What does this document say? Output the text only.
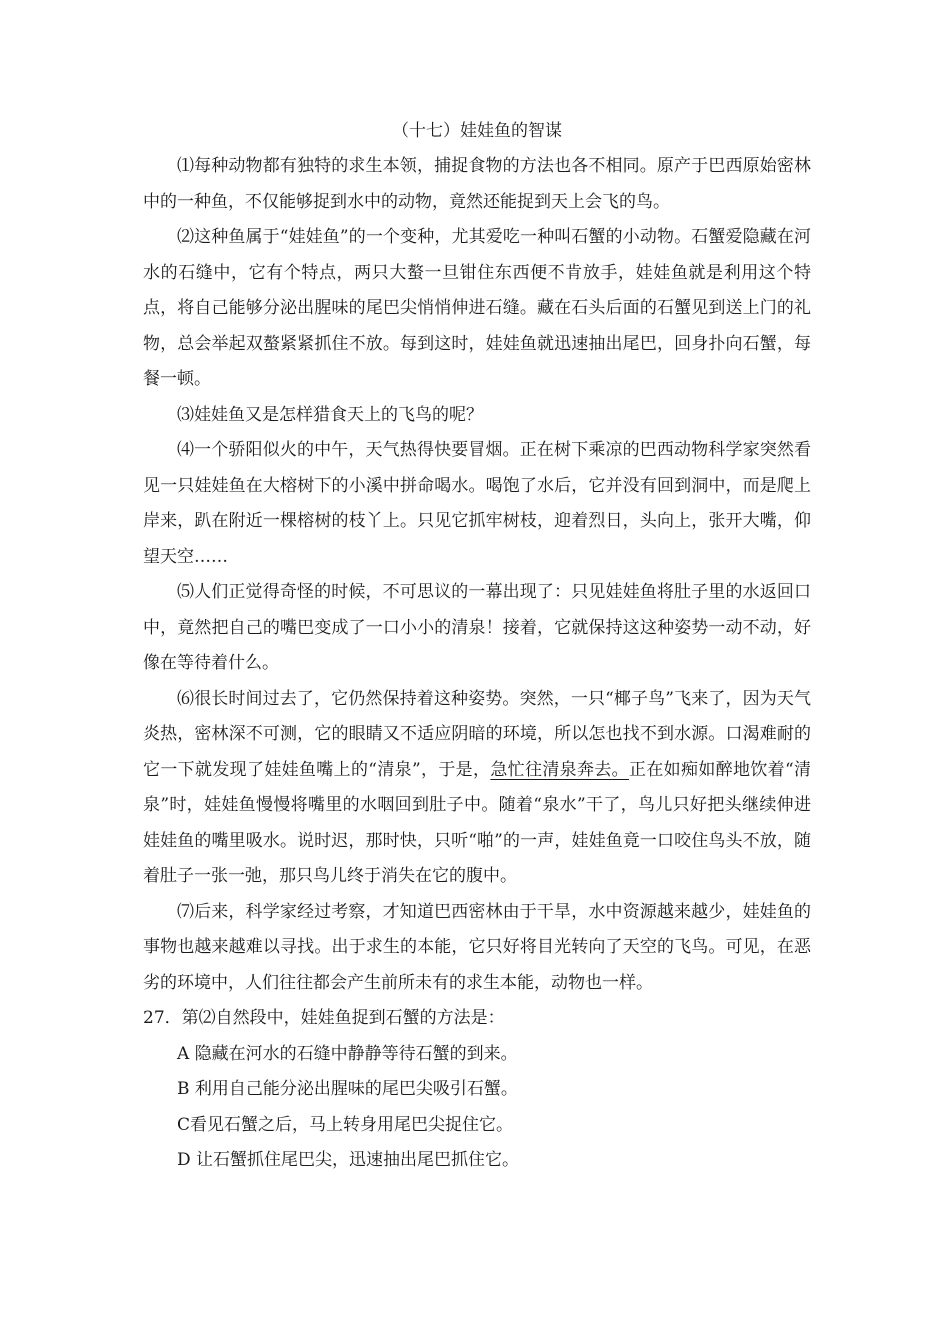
（十七）娃娃鱼的智谋

⑴每种动物都有独特的求生本领，捕捉食物的方法也各不相同。原产于巴西原始密林中的一种鱼，不仅能够捉到水中的动物，竟然还能捉到天上会飞的鸟。

⑵这种鱼属于“娃娃鱼”的一个变种，尤其爱吃一种叫石蟹的小动物。石蟹爱隐藏在河水的石缝中，它有个特点，两只大螯一旦钳住东西便不肯放手，娃娃鱼就是利用这个特点，将自己能够分泌出腥味的尾巴尖悄悄伸进石缝。藏在石头后面的石蟹见到送上门的礼物，总会举起双螯紧紧抓住不放。每到这时，娃娃鱼就迅速抽出尾巴，回身扑向石蟹，每餐一顿。

⑶娃娃鱼又是怎样猎食天上的飞鸟的呢？

⑷一个骄阳似火的中午，天气热得快要冒烟。正在树下乘凉的巴西动物科学家突然看见一只娃娃鱼在大榕树下的小溪中拼命喝水。喝饱了水后，它并没有回到洞中，而是爬上岸来，趴在附近一棵榕树的枝丫上。只见它抓牢树枝，迎着烈日，头向上，张开大嘴，仰望天空……

⑸人们正觉得奇怪的时候，不可思议的一幕出现了：只见娃娃鱼将肚子里的水返回口中，竟然把自己的嘴巴变成了一口小小的清泉！接着，它就保持这这种姿势一动不动，好像在等待着什么。

⑹很长时间过去了，它仍然保持着这种姿势。突然，一只“椰子鸟”飞来了，因为天气炎热，密林深不可测，它的眼睛又不适应阴暗的环境，所以怎也找不到水源。口渴难耐的它一下就发现了娃娃鱼嘴上的“清泉”，于是，急忙往清泉奔去。正在如痴如醉地饮着“清泉”时，娃娃鱼慢慢将嘴里的水咽回到肚子中。随着“泉水”干了，鸟儿只好把头继续伸进娃娃鱼的嘴里吸水。说时迟，那时快，只听“啪”的一声，娃娃鱼竟一口咬住鸟头不放，随着肚子一张一弛，那只鸟儿终于消失在它的腹中。

⑺后来，科学家经过考察，才知道巴西密林由于干旱，水中资源越来越少，娃娃鱼的事物也越来越难以寻找。出于求生的本能，它只好将目光转向了天空的飞鸟。可见，在恶劣的环境中，人们往往都会产生前所未有的求生本能，动物也一样。

27．第⑵自然段中，娃娃鱼捉到石蟹的方法是：

A 隐藏在河水的石缝中静静等待石蟹的到来。
B 利用自己能分泌出腥味的尾巴尖吸引石蟹。
C看见石蟹之后，马上转身用尾巴尖捉住它。
D 让石蟹抓住尾巴尖，迅速抽出尾巴抓住它。
